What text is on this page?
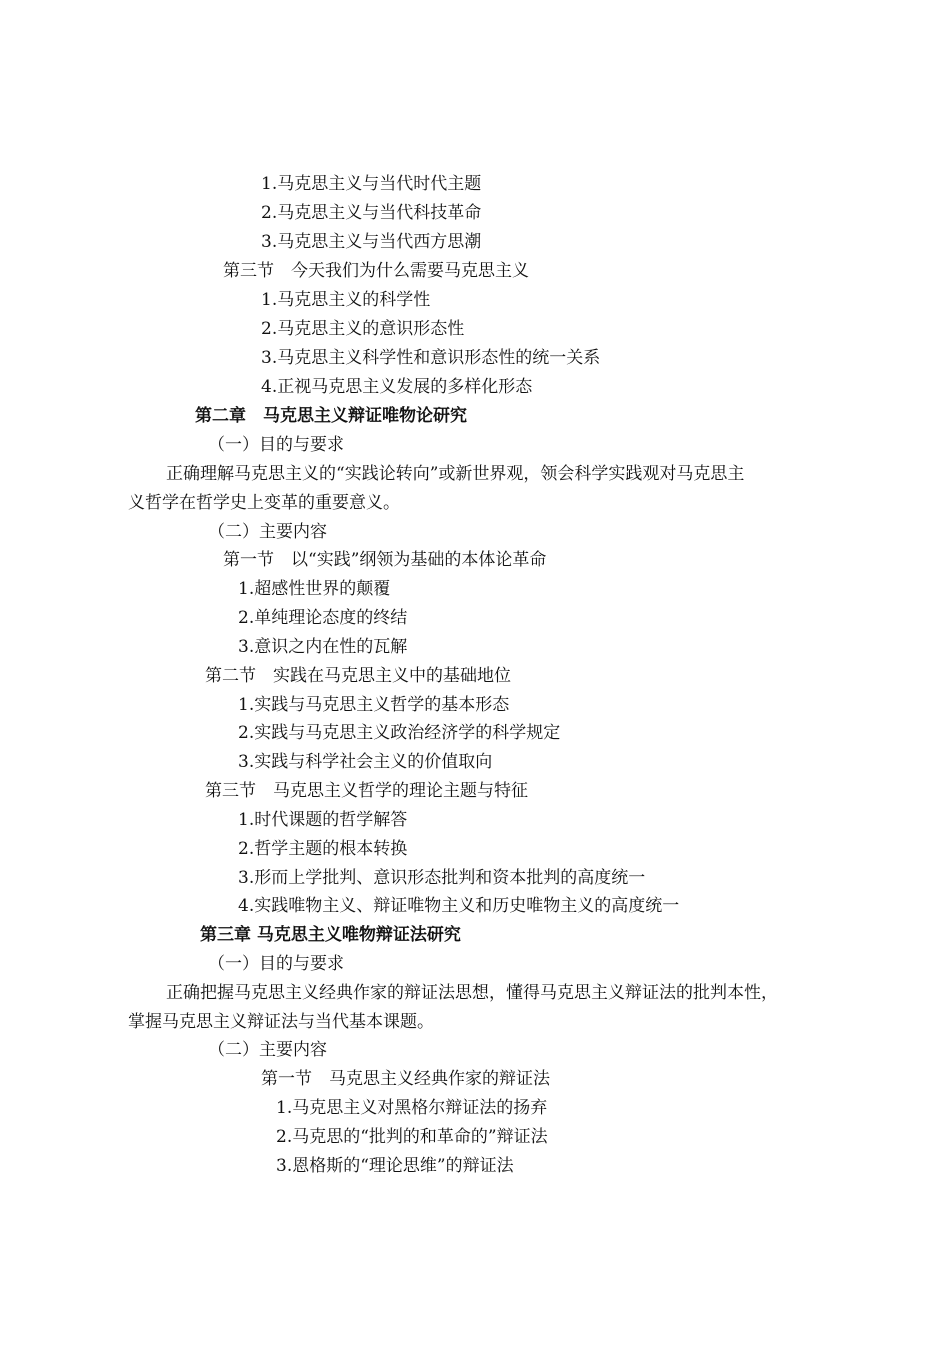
1.马克思主义与当代时代主题
2.马克思主义与当代科技革命
3.马克思主义与当代西方思潮
第三节　今天我们为什么需要马克思主义
1.马克思主义的科学性
2.马克思主义的意识形态性
3.马克思主义科学性和意识形态性的统一关系
4.正视马克思主义发展的多样化形态
第二章　马克思主义辩证唯物论研究
（一）目的与要求
正确理解马克思主义的“实践论转向”或新世界观，领会科学实践观对马克思主
义哲学在哲学史上变革的重要意义。
（二）主要内容
第一节　以“实践”纲领为基础的本体论革命
1.超感性世界的颠覆
2.单纯理论态度的终结
3.意识之内在性的瓦解
第二节　实践在马克思主义中的基础地位
1.实践与马克思主义哲学的基本形态
2.实践与马克思主义政治经济学的科学规定
3.实践与科学社会主义的价值取向
第三节　马克思主义哲学的理论主题与特征
1.时代课题的哲学解答
2.哲学主题的根本转换
3.形而上学批判、意识形态批判和资本批判的高度统一
4.实践唯物主义、辩证唯物主义和历史唯物主义的高度统一
第三章 马克思主义唯物辩证法研究
（一）目的与要求
正确把握马克思主义经典作家的辩证法思想，懂得马克思主义辩证法的批判本性，
掌握马克思主义辩证法与当代基本课题。
（二）主要内容
第一节　马克思主义经典作家的辩证法
1.马克思主义对黑格尔辩证法的扬弃
2.马克思的“批判的和革命的”辩证法
3.恩格斯的“理论思维”的辩证法
